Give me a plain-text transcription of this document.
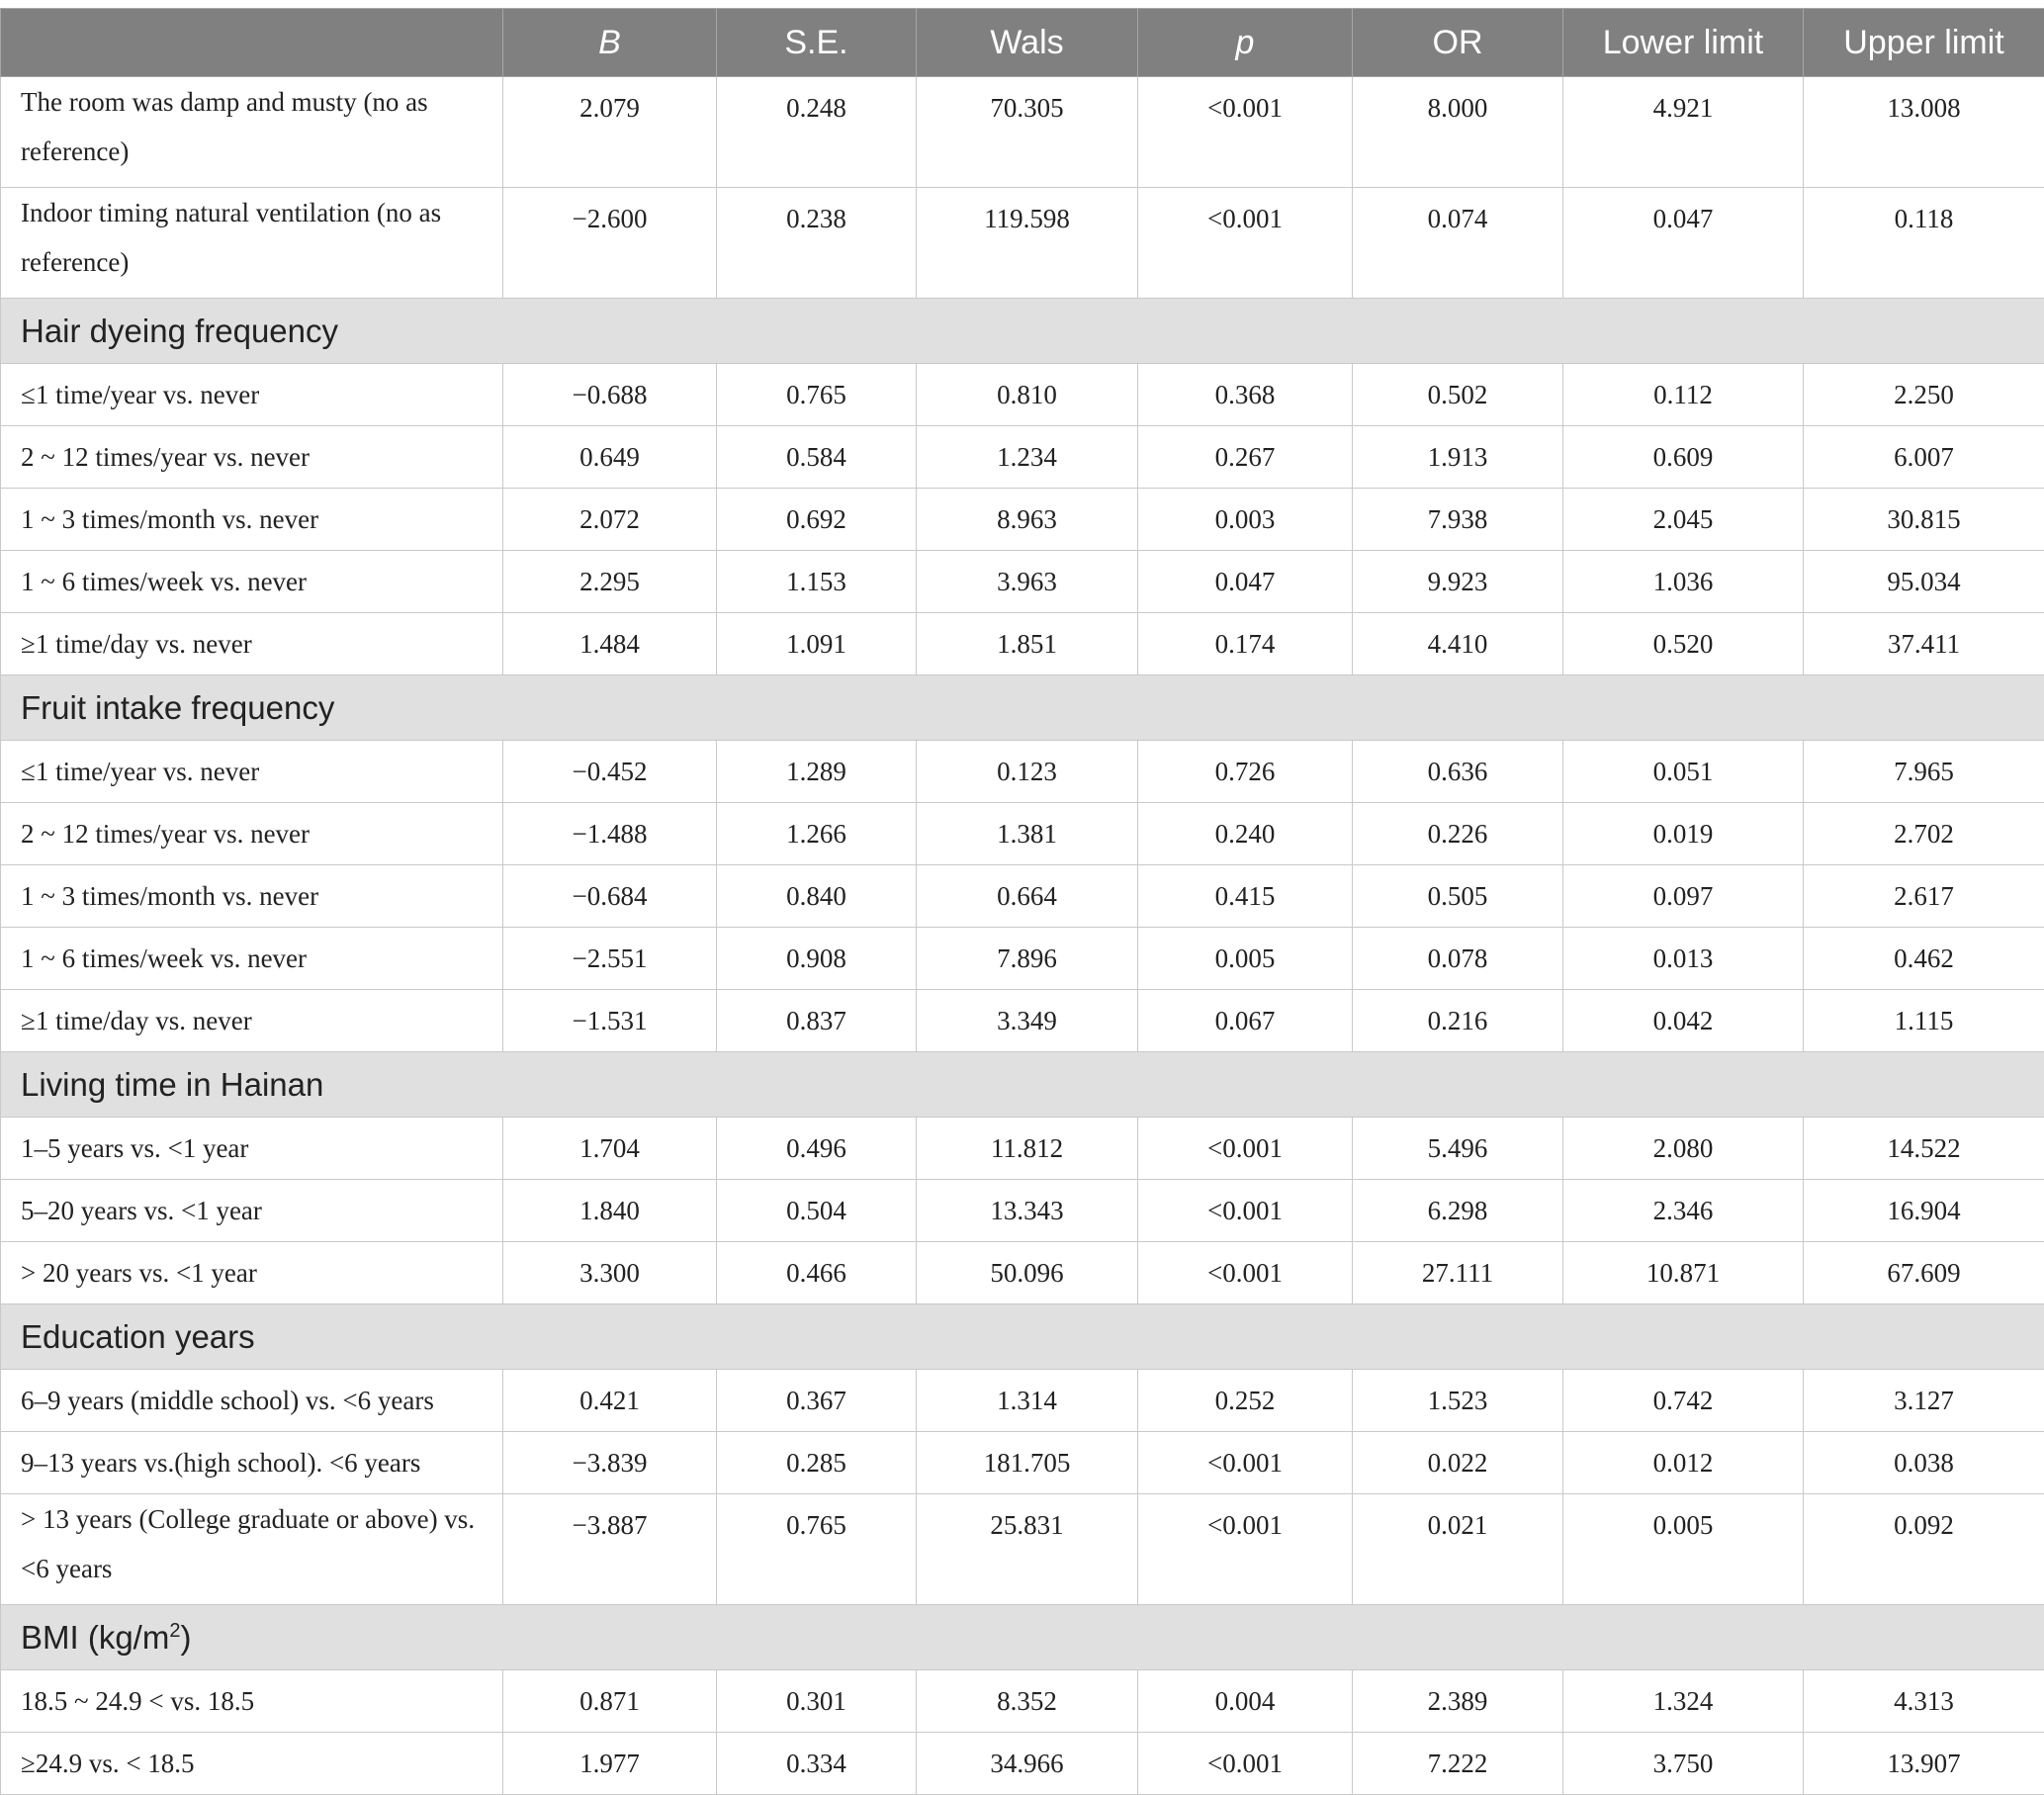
	B	S.E.	Wals	p	OR	Lower limit	Upper limit
The room was damp and musty (no as reference)	2.079	0.248	70.305	<0.001	8.000	4.921	13.008
Indoor timing natural ventilation (no as reference)	−2.600	0.238	119.598	<0.001	0.074	0.047	0.118
Hair dyeing frequency							
≤1 time/year vs. never	−0.688	0.765	0.810	0.368	0.502	0.112	2.250
2 ~ 12 times/year vs. never	0.649	0.584	1.234	0.267	1.913	0.609	6.007
1 ~ 3 times/month vs. never	2.072	0.692	8.963	0.003	7.938	2.045	30.815
1 ~ 6 times/week vs. never	2.295	1.153	3.963	0.047	9.923	1.036	95.034
≥1 time/day vs. never	1.484	1.091	1.851	0.174	4.410	0.520	37.411
Fruit intake frequency							
≤1 time/year vs. never	−0.452	1.289	0.123	0.726	0.636	0.051	7.965
2 ~ 12 times/year vs. never	−1.488	1.266	1.381	0.240	0.226	0.019	2.702
1 ~ 3 times/month vs. never	−0.684	0.840	0.664	0.415	0.505	0.097	2.617
1 ~ 6 times/week vs. never	−2.551	0.908	7.896	0.005	0.078	0.013	0.462
≥1 time/day vs. never	−1.531	0.837	3.349	0.067	0.216	0.042	1.115
Living time in Hainan							
1–5 years vs. <1 year	1.704	0.496	11.812	<0.001	5.496	2.080	14.522
5–20 years vs. <1 year	1.840	0.504	13.343	<0.001	6.298	2.346	16.904
> 20 years vs. <1 year	3.300	0.466	50.096	<0.001	27.111	10.871	67.609
Education years							
6–9 years (middle school) vs. <6 years	0.421	0.367	1.314	0.252	1.523	0.742	3.127
9–13 years vs.(high school). <6 years	−3.839	0.285	181.705	<0.001	0.022	0.012	0.038
> 13 years (College graduate or above) vs. <6 years	−3.887	0.765	25.831	<0.001	0.021	0.005	0.092
BMI $(kg/m^2)$							
18.5 ~ 24.9 < vs. 18.5	0.871	0.301	8.352	0.004	2.389	1.324	4.313
≥24.9 vs. < 18.5	1.977	0.334	34.966	<0.001	7.222	3.750	13.907
